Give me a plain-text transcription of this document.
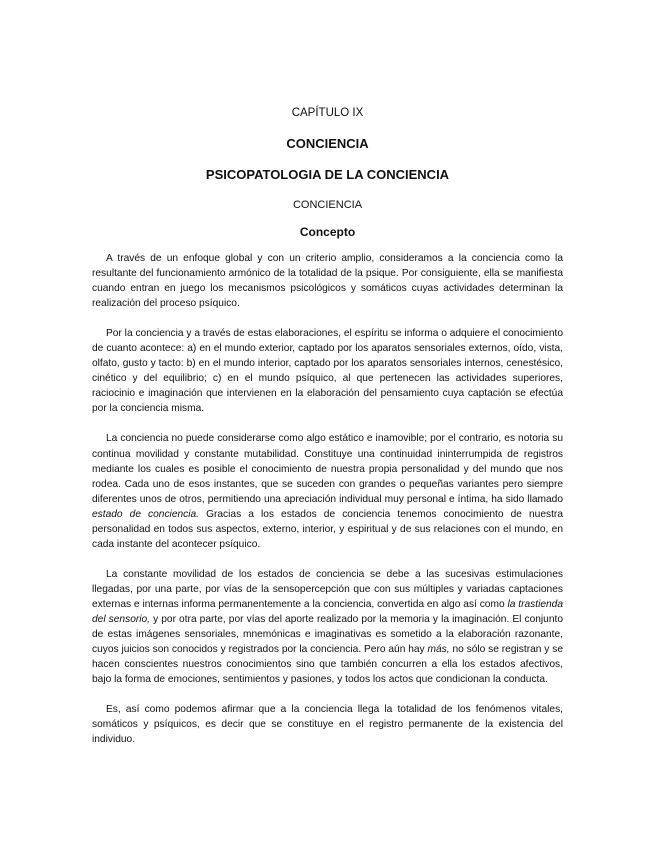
CAPÍTULO IX
CONCIENCIA
PSICOPATOLOGIA DE LA CONCIENCIA
CONCIENCIA
Concepto

A través de un enfoque global y con un criterio amplio, consideramos a la conciencia como la resultante del funcionamiento armónico de la totalidad de la psique. Por consiguiente, ella se manifiesta cuando entran en juego los mecanismos psicológicos y somáticos cuyas actividades determinan la realización del proceso psíquico.

Por la conciencia y a través de estas elaboraciones, el espíritu se informa o adquiere el conocimiento de cuanto acontece: a) en el mundo exterior, captado por los aparatos sensoriales externos, oído, vista, olfato, gusto y tacto: b) en el mundo interior, captado por los aparatos sensoriales internos, cenestésico, cinético y del equilibrio; c) en el mundo psíquico, al que pertenecen las actividades superiores, raciocinio e imaginación que intervienen en la elaboración del pensamiento cuya captación se efectúa por la conciencia misma.

La conciencia no puede considerarse como algo estático e inamovible; por el contrario, es notoria su continua movilidad y constante mutabilidad. Constituye una continuidad ininterrumpida de registros mediante los cuales es posible el conocimiento de nuestra propia personalidad y del mundo que nos rodea. Cada uno de esos instantes, que se suceden con grandes o pequeñas variantes pero siempre diferentes unos de otros, permitiendo una apreciación individual muy personal e íntima, ha sido llamado estado de conciencia. Gracias a los estados de conciencia tenemos conocimiento de nuestra personalidad en todos sus aspectos, externo, interior, y espiritual y de sus relaciones con el mundo, en cada instante del acontecer psíquico.

La constante movilidad de los estados de conciencia se debe a las sucesivas estimulaciones llegadas, por una parte, por vías de la sensopercepción que con sus múltiples y variadas captaciones externas e internas informa permanentemente a la conciencia, convertida en algo así como la trastienda del sensorio, y por otra parte, por vías del aporte realizado por la memoria y la imaginación. El conjunto de estas imágenes sensoriales, mnemónicas e imaginativas es sometido a la elaboración razonante, cuyos juicios son conocidos y registrados por la conciencia. Pero aún hay más, no sólo se registran y se hacen conscientes nuestros conocimientos sino que también concurren a ella los estados afectivos, bajo la forma de emociones, sentimientos y pasiones, y todos los actos que condicionan la conducta.

Es, así como podemos afirmar que a la conciencia llega la totalidad de los fenómenos vitales, somáticos y psíquicos, es decir que se constituye en el registro permanente de la existencia del individuo.
